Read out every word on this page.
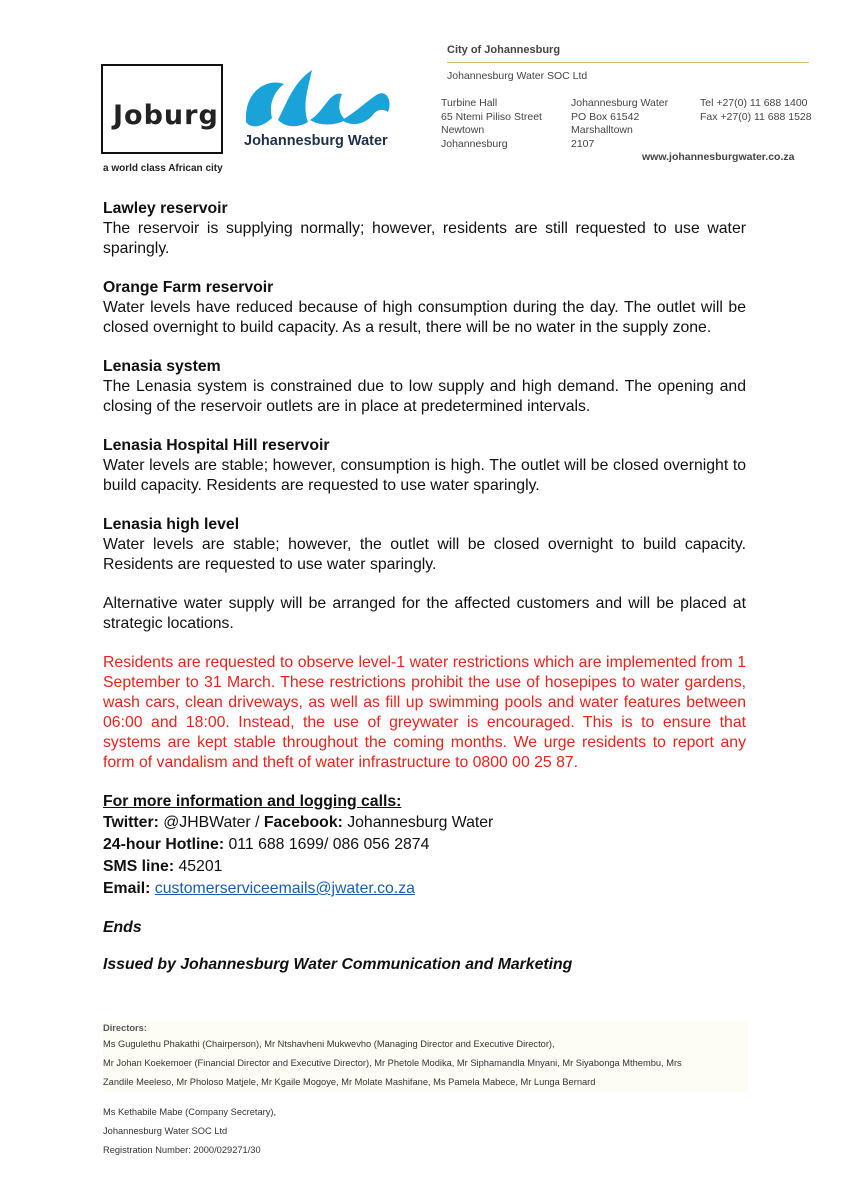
Joburg
a world class African city
Johannesburg Water
City of Johannesburg
Johannesburg Water SOC Ltd
Turbine Hall
65 Ntemi Piliso Street
Newtown
Johannesburg
Johannesburg Water
PO Box 61542
Marshalltown
2107
Tel +27(0) 11 688 1400
Fax +27(0) 11 688 1528
www.johannesburgwater.co.za

Lawley reservoir

The reservoir is supplying normally; however, residents are still requested to use water sparingly.

Orange Farm reservoir

Water levels have reduced because of high consumption during the day. The outlet will be closed overnight to build capacity. As a result, there will be no water in the supply zone.

Lenasia system

The Lenasia system is constrained due to low supply and high demand. The opening and closing of the reservoir outlets are in place at predetermined intervals.

Lenasia Hospital Hill reservoir

Water levels are stable; however, consumption is high. The outlet will be closed overnight to build capacity. Residents are requested to use water sparingly.

Lenasia high level

Water levels are stable; however, the outlet will be closed overnight to build capacity. Residents are requested to use water sparingly.

Alternative water supply will be arranged for the affected customers and will be placed at strategic locations.

Residents are requested to observe level-1 water restrictions which are implemented from 1 September to 31 March. These restrictions prohibit the use of hosepipes to water gardens, wash cars, clean driveways, as well as fill up swimming pools and water features between 06:00 and 18:00. Instead, the use of greywater is encouraged. This is to ensure that systems are kept stable throughout the coming months. We urge residents to report any form of vandalism and theft of water infrastructure to 0800 00 25 87.

For more information and logging calls:

Twitter: @JHBWater / Facebook: Johannesburg Water

24-hour Hotline: 011 688 1699/ 086 056 2874

SMS line: 45201

Email: customerserviceemails@jwater.co.za

Ends

Issued by Johannesburg Water Communication and Marketing

Directors:
Ms Gugulethu Phakathi (Chairperson), Mr Ntshavheni Mukwevho (Managing Director and Executive Director),
Mr Johan Koekemoer (Financial Director and Executive Director), Mr Phetole Modika, Mr Siphamandla Mnyani, Mr Siyabonga Mthembu, Mrs
Zandile Meeleso, Mr Pholoso Matjele, Mr Kgaile Mogoye, Mr Molate Mashifane, Ms Pamela Mabece, Mr Lunga Bernard
Ms Kethabile Mabe (Company Secretary),
Johannesburg Water SOC Ltd
Registration Number: 2000/029271/30
